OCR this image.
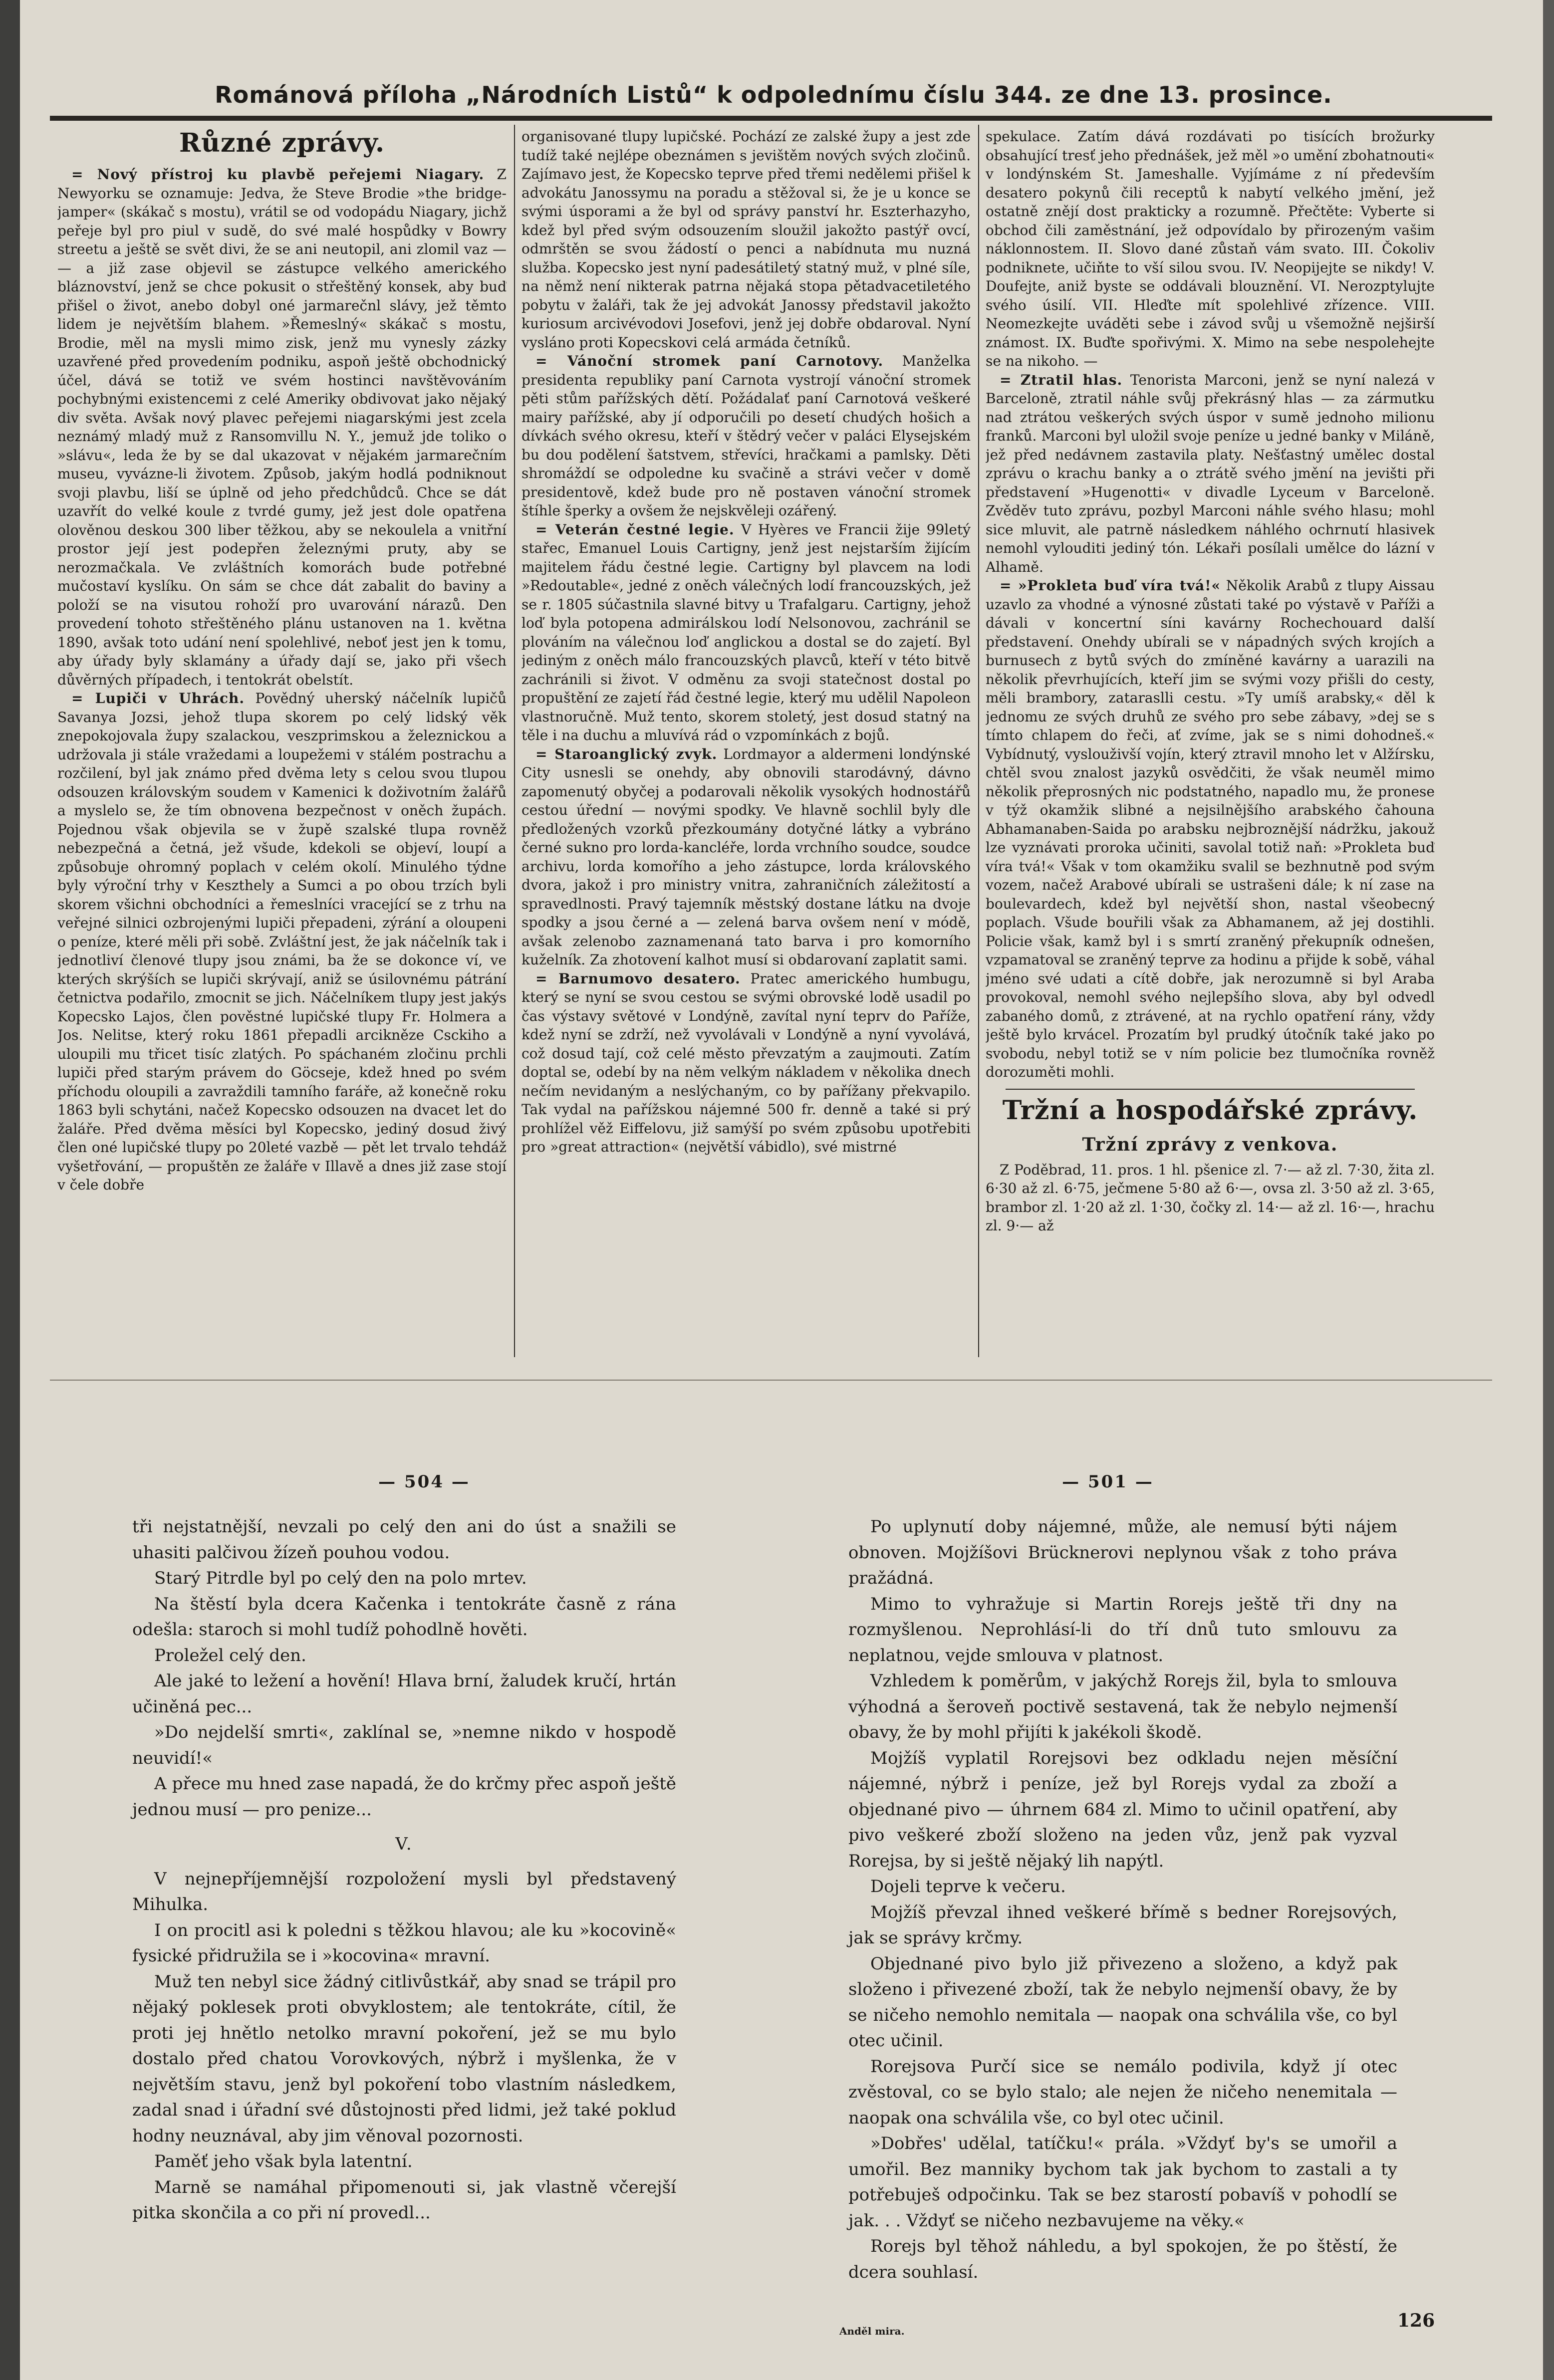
Románová příloha „Národních Listů“ k odpolednímu číslu 344. ze dne 13. prosince.
Různé zprávy.

= Nový přístroj ku plavbě peřejemi Niagary. Z Newyorku se oznamuje: Jedva, že Steve Brodie »the bridge-jamper« (skákač s mostu), vrátil se od vodopádu Niagary, jichž peřeje byl pro piul v sudě, do své malé hospůdky v Bowry streetu a ještě se svět divi, že se ani neutopil, ani zlomil vaz — — a již zase objevil se zástupce velkého amerického bláznovství, jenž se chce pokusit o střeštěný konsek, aby buď přišel o život, anebo dobyl oné jarmarečnl slávy, jež těmto lidem je největším blahem. »Řemeslný« skákač s mostu, Brodie, měl na mysli mimo zisk, jenž mu vynesly zázky uzavřené před provedením podniku, aspoň ještě obchodnický účel, dává se totiž ve svém hostinci navštěvováním pochybnými existencemi z celé Ameriky obdivovat jako nějaký div světa. Avšak nový plavec peřejemi niagarskými jest zcela neznámý mladý muž z Ransomvillu N. Y., jemuž jde toliko o »slávu«, leda že by se dal ukazovat v nějakém jarmarečním museu, vyvázne-li životem. Způsob, jakým hodlá podniknout svoji plavbu, liší se úplně od jeho předchůdců. Chce se dát uzavřít do velké koule z tvrdé gumy, jež jest dole opatřena olověnou deskou 300 liber těžkou, aby se nekoulela a vnitřní prostor její jest podepřen železnými pruty, aby se nerozmačkala. Ve zvláštních komorách bude potřebné mučostaví kyslíku. On sám se chce dát zabalit do baviny a položí se na visutou rohoží pro uvarování nárazů. Den provedení tohoto střeštěného plánu ustanoven na 1. května 1890, avšak toto udání není spolehlivé, neboť jest jen k tomu, aby úřady byly sklamány a úřady dají se, jako při všech důvěrných případech, i tentokrát obelstít.

= Lupiči v Uhrách. Povědný uherský náčelník lupičů Savanya Jozsi, jehož tlupa skorem po celý lidský věk znepokojovala župy szalackou, veszprimskou a železnickou a udržovala ji stále vražedami a loupežemi v stálém postrachu a rozčilení, byl jak známo před dvěma lety s celou svou tlupou odsouzen královským soudem v Kamenici k doživotním žalářů a myslelo se, že tím obnovena bezpečnost v oněch župách. Pojednou však objevila se v župě szalské tlupa rovněž nebezpečná a četná, jež všude, kdekoli se objeví, loupí a způsobuje ohromný poplach v celém okolí. Minulého týdne byly výroční trhy v Keszthely a Sumci a po obou trzích byli skorem všichni obchodníci a řemeslníci vracející se z trhu na veřejné silnici ozbrojenými lupiči přepadeni, zýrání a oloupeni o peníze, které měli při sobě. Zvláštní jest, že jak náčelník tak i jednotliví členové tlupy jsou známi, ba že se dokonce ví, ve kterých skrýších se lupiči skrývají, aniž se úsilovnému pátrání četnictva podařilo, zmocnit se jich. Náčelníkem tlupy jest jakýs Kopecsko Lajos, člen pověstné lupičské tlupy Fr. Holmera a Jos. Nelitse, který roku 1861 přepadli arcikněze Csckiho a uloupili mu třicet tisíc zlatých. Po spáchaném zločinu prchli lupiči před starým právem do Göcseje, kdež hned po svém příchodu oloupili a zavraždili tamního faráře, až konečně roku 1863 byli schytáni, načež Kopecsko odsouzen na dvacet let do žaláře. Před dvěma měsíci byl Kopecsko, jediný dosud živý člen oné lupičské tlupy po 20leté vazbě — pět let trvalo tehdáž vyšetřování, — propuštěn ze žaláře v Illavě a dnes již zase stojí v čele dobře

organisované tlupy lupičské. Pochází ze zalské župy a jest zde tudíž také nejlépe obeznámen s jevištěm nových svých zločinů. Zajímavo jest, že Kopecsko teprve před třemi nedělemi přišel k advokátu Janossymu na poradu a stěžoval si, že je u konce se svými úsporami a že byl od správy panství hr. Eszterhazyho, kdež byl před svým odsouzením sloužil jakožto pastýř ovcí, odmrštěn se svou žádostí o penci a nabídnuta mu nuzná služba. Kopecsko jest nyní padesátiletý statný muž, v plné síle, na němž není nikterak patrna nějaká stopa pětadvacetiletého pobytu v žaláři, tak že jej advokát Janossy představil jakožto kuriosum arcivévodovi Josefovi, jenž jej dobře obdaroval. Nyní vysláno proti Kopecskovi celá armáda četníků.

= Vánoční stromek paní Carnotovy. Manželka presidenta republiky paní Carnota vystrojí vánoční stromek pěti stům pařížských dětí. Požádalať paní Carnotová veškeré mairy pařížské, aby jí odporučili po desetí chudých hošich a dívkách svého okresu, kteří v štědrý večer v paláci Elysejském bu dou podělení šatstvem, střevíci, hračkami a pamlsky. Děti shromáždí se odpoledne ku svačině a strávi večer v domě presidentově, kdež bude pro ně postaven vánoční stromek štíhle šperky a ovšem že nejskvěleji ozářený.

= Veterán čestné legie. V Hyères ve Francii žije 99letý stařec, Emanuel Louis Cartigny, jenž jest nejstarším žijícím majitelem řádu čestné legie. Cartigny byl plavcem na lodi »Redoutable«, jedné z oněch válečných lodí francouzských, jež se r. 1805 súčastnila slavné bitvy u Trafalgaru. Cartigny, jehož loď byla potopena admirálskou lodí Nelsonovou, zachránil se plováním na válečnou loď anglickou a dostal se do zajetí. Byl jediným z oněch málo francouzských plavců, kteří v této bitvě zachránili si život. V odměnu za svoji statečnost dostal po propuštění ze zajetí řád čestné legie, který mu udělil Napoleon vlastnoručně. Muž tento, skorem stoletý, jest dosud statný na těle i na duchu a mluvívá rád o vzpomínkách z bojů.

= Staroanglický zvyk. Lordmayor a aldermeni londýnské City usnesli se onehdy, aby obnovili starodávný, dávno zapomenutý obyčej a podarovali několik vysokých hodnostářů cestou úřední — novými spodky. Ve hlavně sochlil byly dle předložených vzorků přezkoumány dotyčné látky a vybráno černé sukno pro lorda-kancléře, lorda vrchního soudce, soudce archivu, lorda komořího a jeho zástupce, lorda královského dvora, jakož i pro ministry vnitra, zahraničních záležitostí a spravedlnosti. Pravý tajemník městský dostane látku na dvoje spodky a jsou černé a — zelená barva ovšem není v módě, avšak zelenobo zaznamenaná tato barva i pro komorního kuželník. Za zhotovení kalhot musí si obdarovaní zaplatit sami.

= Barnumovo desatero. Pratec amerického humbugu, který se nyní se svou cestou se svými obrovské lodě usadil po čas výstavy světové v Londýně, zavítal nyní teprv do Paříže, kdež nyní se zdrží, než vyvolávali v Londýně a nyní vyvolává, což dosud tají, což celé město převzatým a zaujmouti. Zatím doptal se, odebí by na něm velkým nákladem v několika dnech nečím nevidaným a neslýchaným, co by pařížany překvapilo. Tak vydal na pařížskou nájemné 500 fr. denně a také si prý prohlížel věž Eiffelovu, již samýší po svém způsobu upotřebiti pro »great attraction« (největší vábidlo), své mistrné

spekulace. Zatím dává rozdávati po tisících brožurky obsahující tresť jeho přednášek, jež měl »o umění zbohatnouti« v londýnském St. Jameshalle. Vyjímáme z ní především desatero pokynů čili receptů k nabytí velkého jmění, jež ostatně znějí dost prakticky a rozumně. Přečtěte: Vyberte si obchod čili zaměstnání, jež odpovídalo by přirozeným vašim náklonnostem. II. Slovo dané zůstaň vám svato. III. Čokoliv podniknete, učiňte to vší silou svou. IV. Neopijejte se nikdy! V. Doufejte, aniž byste se oddávali blouznění. VI. Nerozptylujte svého úsilí. VII. Hleďte mít spolehlivé zřízence. VIII. Neomezkejte uváděti sebe i závod svůj u všemožně nejširší známost. IX. Buďte spořivými. X. Mimo na sebe nespolehejte se na nikoho. —

= Ztratil hlas. Tenorista Marconi, jenž se nyní nalezá v Barceloně, ztratil náhle svůj překrásný hlas — za zármutku nad ztrátou veškerých svých úspor v sumě jednoho milionu franků. Marconi byl uložil svoje peníze u jedné banky v Miláně, jež před nedávnem zastavila platy. Nešťastný umělec dostal zprávu o krachu banky a o ztrátě svého jmění na jevišti při představení »Hugenotti« v divadle Lyceum v Barceloně. Zvěděv tuto zprávu, pozbyl Marconi náhle svého hlasu; mohl sice mluvit, ale patrně následkem náhlého ochrnutí hlasivek nemohl vylouditi jediný tón. Lékaři posílali umělce do lázní v Alhamě.

= »Prokleta buď víra tvá!« Několik Arabů z tlupy Aissau uzavlo za vhodné a výnosné zůstati také po výstavě v Paříži a dávali v koncertní síni kavárny Rochechouard další představení. Onehdy ubírali se v nápadných svých krojích a burnusech z bytů svých do zmíněné kavárny a uarazili na několik převrhujících, kteří jim se svými vozy přišli do cesty, měli brambory, zataraslli cestu. »Ty umíš arabsky,« děl k jednomu ze svých druhů ze svého pro sebe zábavy, »dej se s tímto chlapem do řeči, ať zvíme, jak se s nimi dohodneš.« Vybídnutý, vyslouživší vojín, který ztravil mnoho let v Alžírsku, chtěl svou znalost jazyků osvědčiti, že však neuměl mimo několik přeprosných nic podstatného, napadlo mu, že pronese v týž okamžik slibné a nejsilnějšího arabského čahouna Abhamanaben-Saida po arabsku nejbroznější nádržku, jakouž lze vyznávati proroka učiniti, savolal totiž naň: »Prokleta buď víra tvá!« Však v tom okamžiku svalil se bezhnutně pod svým vozem, načež Arabové ubírali se ustrašeni dále; k ní zase na boulevardech, kdež byl největší shon, nastal všeobecný poplach. Všude bouřili však za Abhamanem, až jej dostihli. Policie však, kamž byl i s smrtí zraněný překupník odnešen, vzpamatoval se zraněný teprve za hodinu a přijde k sobě, váhal jméno své udati a cítě dobře, jak nerozumně si byl Araba provokoval, nemohl svého nejlepšího slova, aby byl odvedl zabaného domů, z ztrávené, at na rychlo opatření rány, vždy ještě bylo krvácel. Prozatím byl prudký útočník také jako po svobodu, nebyl totiž se v ním policie bez tlumočníka rovněž dorozuměti mohli.

Tržní a hospodářské zprávy.
Tržní zprávy z venkova.

Z Poděbrad, 11. pros. 1 hl. pšenice zl. 7·— až zl. 7·30, žita zl. 6·30 až zl. 6·75, ječmene 5·80 až 6·—, ovsa zl. 3·50 až zl. 3·65, brambor zl. 1·20 až zl. 1·30, čočky zl. 14·— až zl. 16·—, hrachu zl. 9·— až

— 504 —

tři nejstatnější, nevzali po celý den ani do úst a snažili se uhasiti palčivou žízeň pouhou vodou.

Starý Pitrdle byl po celý den na polo mrtev.

Na štěstí byla dcera Kačenka i tentokráte časně z rána odešla: staroch si mohl tudíž pohodlně hověti.

Proležel celý den.

Ale jaké to ležení a hovění! Hlava brní, žaludek kručí, hrtán učiněná pec...

»Do nejdelší smrti«, zaklínal se, »nemne nikdo v hospodě neuvidí!«

A přece mu hned zase napadá, že do krčmy přec aspoň ještě jednou musí — pro penize...

V.

V nejnepříjemnější rozpoložení mysli byl představený Mihulka.

I on procitl asi k poledni s těžkou hlavou; ale ku »kocovině« fysické přidružila se i »kocovina« mravní.

Muž ten nebyl sice žádný citlivůstkář, aby snad se trápil pro nějaký poklesek proti obvyklostem; ale tentokráte, cítil, že proti jej hnětlo netolko mravní pokoření, jež se mu bylo dostalo před chatou Vorovkových, nýbrž i myšlenka, že v největším stavu, jenž byl pokoření tobo vlastním následkem, zadal snad i úřadní své důstojnosti před lidmi, jež také poklud hodny neuznával, aby jim věnoval pozornosti.

Paměť jeho však byla latentní.

Marně se namáhal připomenouti si, jak vlastně včerejší pitka skončila a co při ní provedl...

— 501 —

Po uplynutí doby nájemné, může, ale nemusí býti nájem obnoven. Mojžíšovi Brücknerovi neplynou však z toho práva pražádná.

Mimo to vyhražuje si Martin Rorejs ještě tři dny na rozmyšlenou. Neprohlásí-li do tří dnů tuto smlouvu za neplatnou, vejde smlouva v platnost.

Vzhledem k poměrům, v jakýchž Rorejs žil, byla to smlouva výhodná a šeroveň poctivě sestavená, tak že nebylo nejmenší obavy, že by mohl přijíti k jakékoli škodě.

Mojžíš vyplatil Rorejsovi bez odkladu nejen měsíční nájemné, nýbrž i peníze, jež byl Rorejs vydal za zboží a objednané pivo — úhrnem 684 zl. Mimo to učinil opatření, aby pivo veškeré zboží složeno na jeden vůz, jenž pak vyzval Rorejsa, by si ještě nějaký lih napýtl.

Dojeli teprve k večeru.

Mojžíš převzal ihned veškeré břímě s bedner Rorejsových, jak se správy krčmy.

Objednané pivo bylo již přivezeno a složeno, a když pak složeno i přivezené zboží, tak že nebylo nejmenší obavy, že by se ničeho nemohlo nemitala — naopak ona schválila vše, co byl otec učinil.

Rorejsova Purčí sice se nemálo podivila, když jí otec zvěstoval, co se bylo stalo; ale nejen že ničeho nenemitala — naopak ona schválila vše, co byl otec učinil.

»Dobřes' udělal, tatíčku!« prála. »Vždyť by's se umořil a umořil. Bez manniky bychom tak jak bychom to zastali a ty potřebuješ odpočinku. Tak se bez starostí pobavíš v pohodlí se jak. . . Vždyť se ničeho nezbavujeme na věky.«

Rorejs byl těhož náhledu, a byl spokojen, že po štěstí, že dcera souhlasí.

Anděl mira.	126
